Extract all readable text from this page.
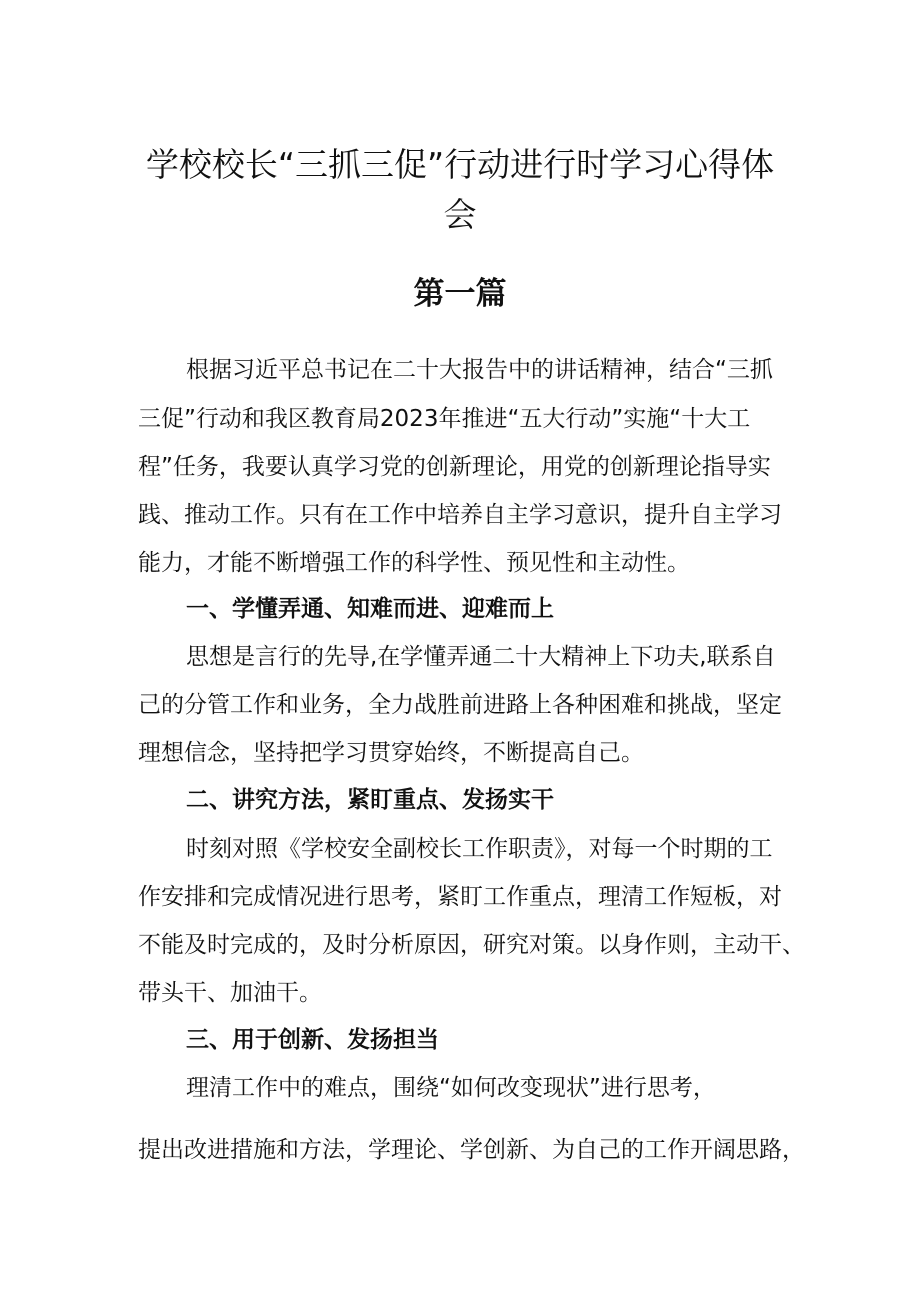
学校校长“三抓三促”行动进行时学习心得体
会
第一篇

根据习近平总书记在二十大报告中的讲话精神，结合“三抓

三促”行动和我区教育局2023年推进“五大行动”实施“十大工

程”任务，我要认真学习党的创新理论，用党的创新理论指导实

践、推动工作。只有在工作中培养自主学习意识，提升自主学习

能力，才能不断增强工作的科学性、预见性和主动性。

一、学懂弄通、知难而进、迎难而上

思想是言行的先导,在学懂弄通二十大精神上下功夫,联系自

己的分管工作和业务，全力战胜前进路上各种困难和挑战，坚定

理想信念，坚持把学习贯穿始终，不断提高自己。

二、讲究方法，紧盯重点、发扬实干

时刻对照《学校安全副校长工作职责》，对每一个时期的工

作安排和完成情况进行思考，紧盯工作重点，理清工作短板，对

不能及时完成的，及时分析原因，研究对策。以身作则，主动干、

带头干、加油干。

三、用于创新、发扬担当

理清工作中的难点，围绕“如何改变现状”进行思考，

提出改进措施和方法，学理论、学创新、为自己的工作开阔思路，
